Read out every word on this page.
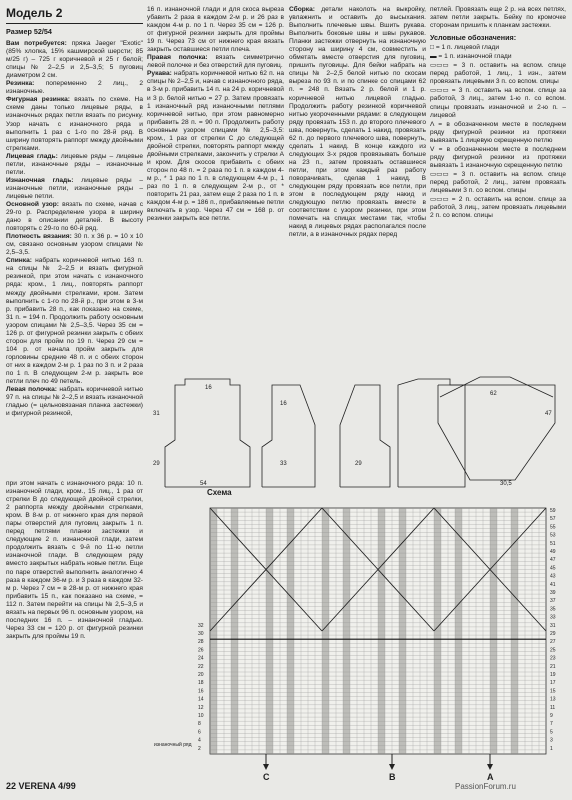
Модель 2
Размер 52/54

Вам потребуется: пряжа Jaeger "Exotic" (85% хлопка, 15% кашмирской шерсти; 85 м/25 г) – 725 г коричневой и 25 г белой; спицы № 2–2,5 и 2,5–3,5; 5 пуговиц диаметром 2 см.

Резинка: попеременно 2 лиц., 2 изнаночные.

Фигурная резинка: вязать по схеме. На схеме даны только лицевые ряды, в изнаночных рядах петли вязать по рисунку. Узор начать с изнаночного ряда и выполнить 1 раз с 1-го по 28-й ряд. В ширину повторять раппорт между двойными стрелками.

Лицевая гладь: лицевые ряды – лицевые петли, изнаночные ряды – изнаночные петли.

Изнаночная гладь: лицевые ряды – изнаночные петли, изнаночные ряды – лицевые петли.

Основной узор: вязать по схеме, начав с 29-го р. Распределение узора в ширину дано в описании деталей. В высоту повторять с 29-го по 60-й ряд.

Плотность вязания: 30 п. x 36 р. = 10 x 10 см, связано основным узором спицами № 2,5–3,5.

Спинка: набрать коричневой нитью 163 п. на спицы № 2–2,5 и вязать фигурной резинкой, при этом начать с изнаночного ряда: кром., 1 лиц., повторять раппорт между двойными стрелками, кром. Затем выполнить с 1-го по 28-й р., при этом в 3-м р. прибавить 28 п., как показано на схеме, 31 п. = 194 п. Продолжить работу основным узором спицами № 2,5–3,5. Через 35 см = 126 р. от фигурной резинки закрыть с обеих сторон для пройм по 19 п. Через 29 см = 104 р. от начала пройм закрыть для горловины средние 48 п. и с обеих сторон от них в каждом 2-м р. 1 раз по 3 п. и 2 раза по 1 п. В следующем 2-м р. закрыть все петли плеч по 49 петель.

Левая полочка: набрать коричневой нитью 97 п. на спицы № 2–2,5 и вязать изнаночной гладью (= цельновязаная планка застежки) и фигурной резинкой,

при этом начать с изнаночного ряда: 10 п. изнаночной глади, кром., 15 лиц., 1 раз от стрелки B до следующей двойной стрелки, 2 раппорта между двойными стрелками, кром. В 8-м р. от нижнего края для первой пары отверстий для пуговиц закрыть 1 п. перед петлями планки застежки и следующие 2 п. изнаночной глади, затем продолжить вязать с 9-й по 11-ю петли изнаночной глади. В следующем ряду вместо закрытых набрать новые петли. Еще по паре отверстий выполнить аналогично 4 раза в каждом 36-м р. и 3 раза в каждом 32-м р. Через 7 см = в 28-м р. от нижнего края прибавить 15 п., как показано на схеме, = 112 п. Затем перейти на спицы № 2,5–3,5 и вязать на первых 96 п. основным узором, на последних 16 п. – изнаночной гладью. Через 33 см = 120 р. от фигурной резинки закрыть для проймы 19 п.

16 п. изнаночной глади и для скоса выреза убавить 2 раза в каждом 2-м р. и 26 раз в каждом 4-м р. по 1 п. Через 35 см = 126 р. от фигурной резинки закрыть для проймы 19 п. Через 73 см от нижнего края вязать закрыть оставшиеся петли плеча.

Правая полочка: вязать симметрично левой полочке и без отверстий для пуговиц.

Рукава: набрать коричневой нитью 62 п. на спицы № 2–2,5 и, начав с изнаночного ряда, в 3-м р. прибавить 14 п. на 24 р. коричневой и 3 р. белой нитью = 27 р. Затем провязать 1 изнаночный ряд изнаночными петлями коричневой нитью, при этом равномерно прибавить 28 п. = 90 п. Продолжить работу основным узором спицами № 2,5–3,5: кром., 1 раз от стрелки C до следующей двойной стрелки, повторять раппорт между двойными стрелками, закончить у стрелки A и кром. Для скосов прибавить с обеих сторон по 48 п. = 2 раза по 1 п. в каждом 4-м р., * 1 раз по 1 п. в следующем 4-м р., 1 раз по 1 п. в следующем 2-м р., от * повторить 21 раз, затем еще 2 раза по 1 п. в каждом 4-м р. = 186 п., прибавляемые петли включать в узор. Через 47 см = 168 р. от резинки закрыть все петли.

Сборка: детали наколоть на выкройку, увлажнить и оставить до высыхания. Выполнить плечевые швы. Вшить рукава. Выполнить боковые швы и швы рукавов. Планки застежки отвернуть на изнаночную сторону на ширину 4 см, совместить и обметать вместе отверстия для пуговиц, пришить пуговицы. Для бейки набрать на спицы № 2–2,5 белой нитью по скосам выреза по 93 п. и по спинке со спицами 62 п. = 248 п. Вязать 2 р. белой и 1 р. коричневой нитью лицевой гладью. Продолжить работу резинкой коричневой нитью укороченными рядами: в следующем ряду провязать 153 п. до второго плечевого шва, повернуть, сделать 1 накид, провязать 62 п. до первого плечевого шва, повернуть, сделать 1 накид. В конце каждого из следующих 3-х рядов провязывать больше на 23 п., затем провязать оставшиеся петли, при этом каждый раз работу поворачивать, сделав 1 накид. В следующем ряду провязать все петли, при этом в последующем ряду накид и следующую петлю провязать вместе в соответствии с узором резинки, при этом помечать на спицах местами так, чтобы накид в лицевых рядах располагался после петли, а в изнаночных рядах перед

петлей. Провязать еще 2 р. на всех петлях, затем петли закрыть. Бейку по кромочке сторонам пришить к планкам застежки.

Условные обозначения:

□ = 1 п. лицевой глади

▬ = 1 п. изнаночной глади

▭▭▭ = 3 п. оставить на вспом. спице перед работой, 1 лиц., 1 изн., затем провязать лицевыми 3 п. со вспом. спицы

▭▭▭ = 3 п. оставить на вспом. спице за работой, 3 лиц., затем 1-ю п. со вспом. спицы провязать изнаночной и 2-ю п. – лицевой

Λ = в обозначенном месте в последнем ряду фигурной резинки из протяжки вывязать 1 лицевую скрещенную петлю

V = в обозначенном месте в последнем ряду фигурной резинки из протяжки вывязать 1 изнаночную скрещенную петлю

▭▭▭ = 3 п. оставить на вспом. спице перед работой, 2 лиц., затем провязать лицевыми 3 п. со вспом. спицы

▭▭▭ = 2 п. оставить на вспом. спице за работой, 3 лиц., затем провязать лицевыми 2 п. со вспом. спицы

16
31
29
54
16
33	29
62
30,5
47
Схема
59
57
55
53
51
49
47
45
43
41
39
37
35
33
31
29
27
25
23
21
19
17
15
13
11
9
7
5
3
1
32
30
28
26
24
22
20
18
16
14
12
10
8
6
4
2
изнаночный ряд
C	B	A
22 VERENA 4/99	PassionForum.ru
